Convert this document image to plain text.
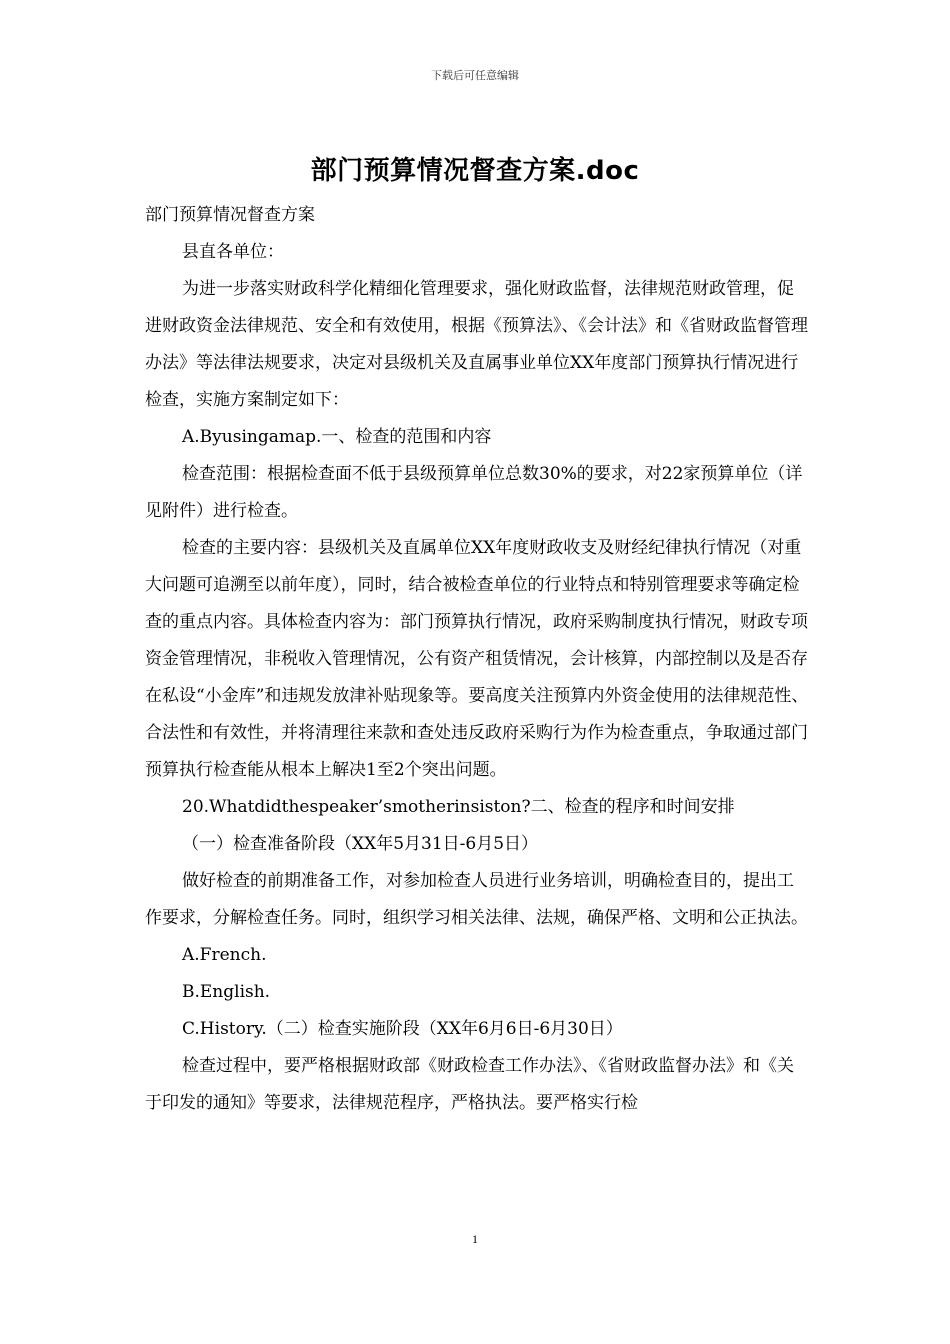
下载后可任意编辑
部门预算情况督查方案.doc

部门预算情况督查方案

县直各单位：

为进一步落实财政科学化精细化管理要求，强化财政监督，法律规范财政管理，促进财政资金法律规范、安全和有效使用，根据《预算法》、《会计法》和《省财政监督管理办法》等法律法规要求，决定对县级机关及直属事业单位XX年度部门预算执行情况进行检查，实施方案制定如下：

A.Byusingamap.一、检查的范围和内容

检查范围：根据检查面不低于县级预算单位总数30%的要求，对22家预算单位（详见附件）进行检查。

检查的主要内容：县级机关及直属单位XX年度财政收支及财经纪律执行情况（对重大问题可追溯至以前年度），同时，结合被检查单位的行业特点和特别管理要求等确定检查的重点内容。具体检查内容为：部门预算执行情况，政府采购制度执行情况，财政专项资金管理情况，非税收入管理情况，公有资产租赁情况，会计核算，内部控制以及是否存在私设“小金库”和违规发放津补贴现象等。要高度关注预算内外资金使用的法律规范性、合法性和有效性，并将清理往来款和查处违反政府采购行为作为检查重点，争取通过部门预算执行检查能从根本上解决1至2个突出问题。

20.Whatdidthespeaker’smotherinsiston?二、检查的程序和时间安排

（一）检查准备阶段（XX年5月31日-6月5日）

做好检查的前期准备工作，对参加检查人员进行业务培训，明确检查目的，提出工作要求，分解检查任务。同时，组织学习相关法律、法规，确保严格、文明和公正执法。

A.French.

B.English.

C.History.（二）检查实施阶段（XX年6月6日-6月30日）

检查过程中，要严格根据财政部《财政检查工作办法》、《省财政监督办法》和《关于印发的通知》等要求，法律规范程序，严格执法。要严格实行检

1
